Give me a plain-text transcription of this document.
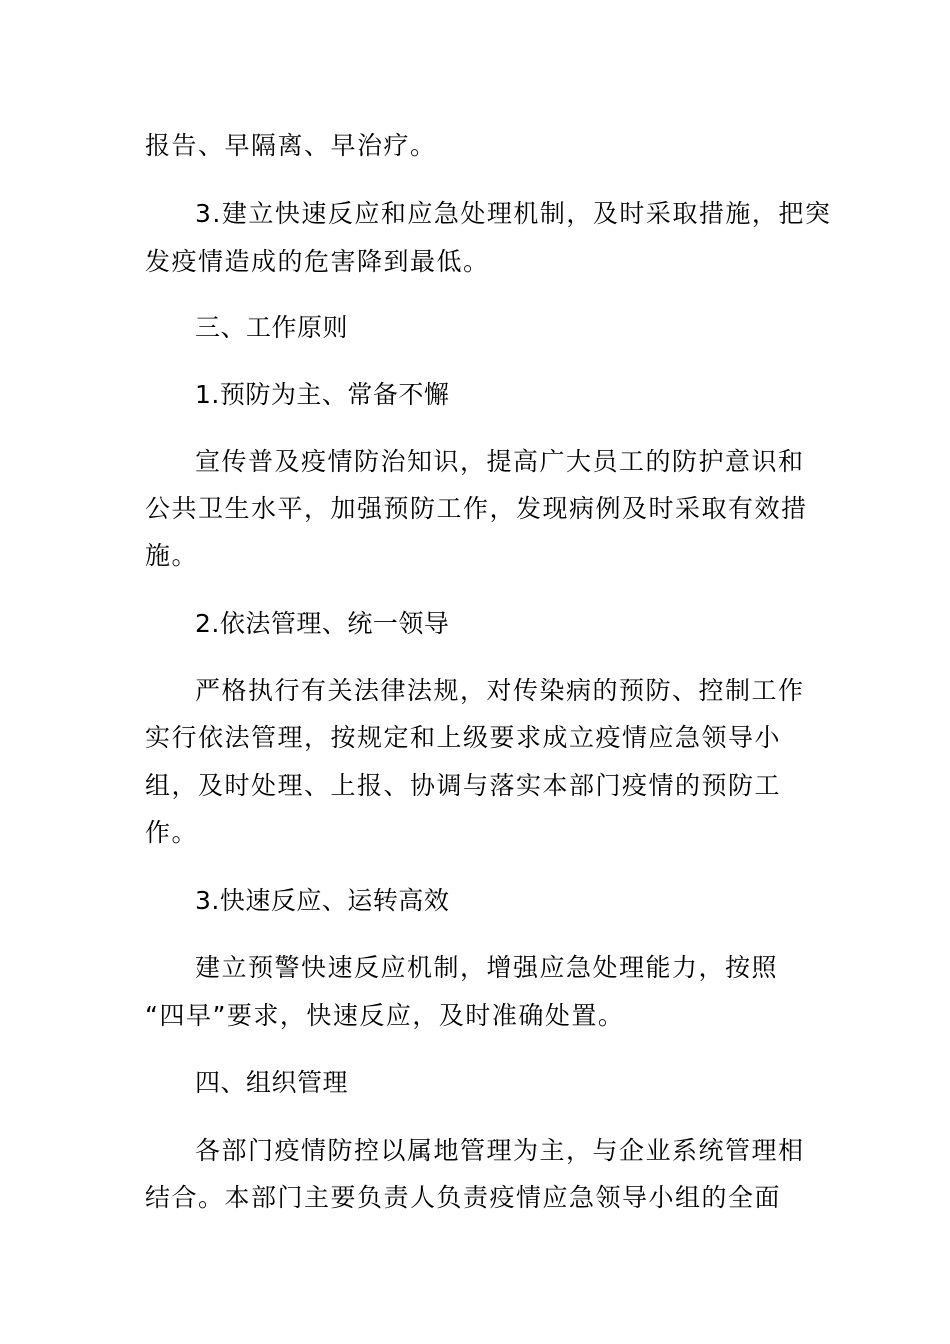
报告、早隔离、早治疗。

3.建立快速反应和应急处理机制，及时采取措施，把突

发疫情造成的危害降到最低。

三、工作原则

1.预防为主、常备不懈

宣传普及疫情防治知识，提高广大员工的防护意识和

公共卫生水平，加强预防工作，发现病例及时采取有效措

施。

2.依法管理、统一领导

严格执行有关法律法规，对传染病的预防、控制工作

实行依法管理，按规定和上级要求成立疫情应急领导小

组，及时处理、上报、协调与落实本部门疫情的预防工

作。

3.快速反应、运转高效

建立预警快速反应机制，增强应急处理能力，按照

“四早”要求，快速反应，及时准确处置。

四、组织管理

各部门疫情防控以属地管理为主，与企业系统管理相

结合。本部门主要负责人负责疫情应急领导小组的全面
